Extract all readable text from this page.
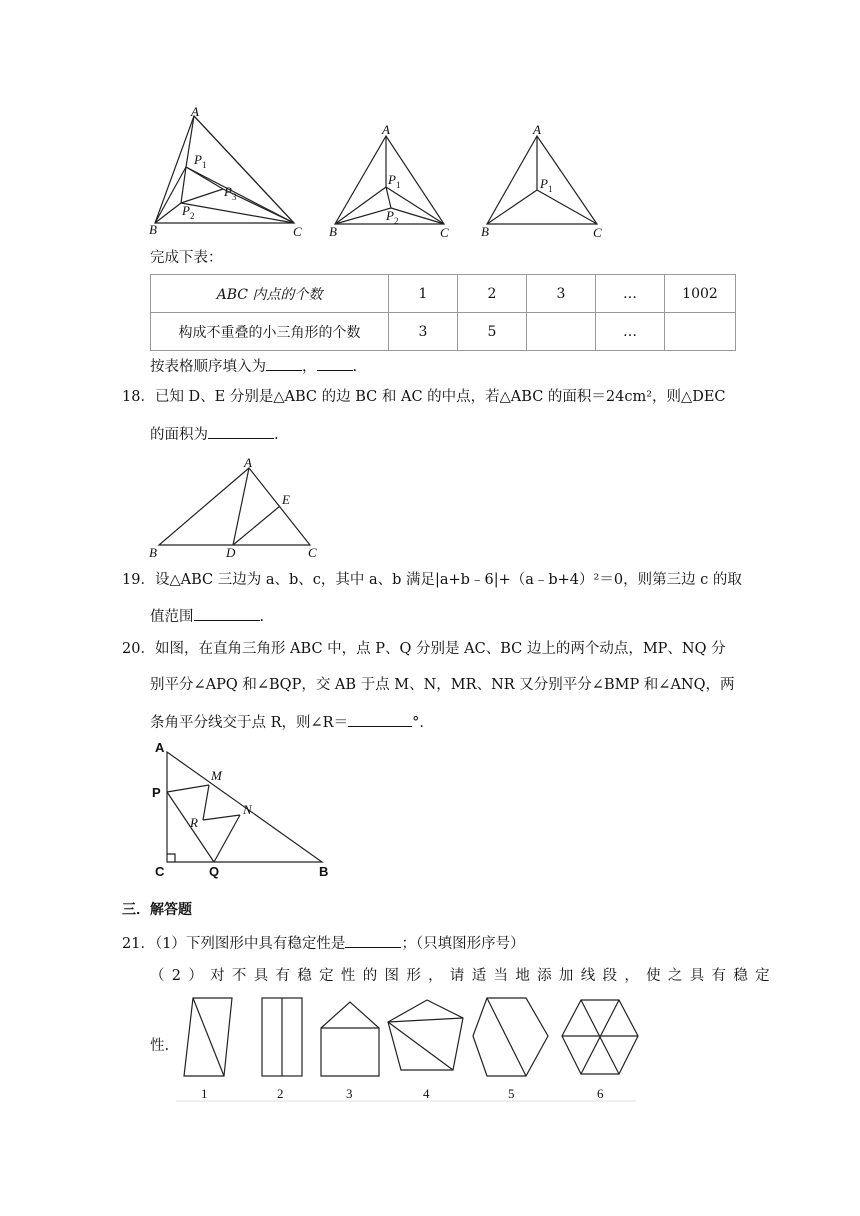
A
B	C
P 1
P 2
P 3
A
B	C
P 1
P 2
A
B	C
P 1
完成下表：
ABC 内点的个数	1	2	3	…	1002
构成不重叠的小三角形的个数	3	5		…	
按表格顺序填入为 ， .
18．已知 D、E 分别是△ABC 的边 BC 和 AC 的中点，若△ABC 的面积＝24cm²，则△DEC
的面积为	.
A
B	C
D
E
19．设△ABC 三边为 a、b、c，其中 a、b 满足|a+b﹣6|+（a﹣b+4）²＝0，则第三边 c 的取
值范围	.
20．如图，在直角三角形 ABC 中，点 P、Q 分别是 AC、BC 边上的两个动点，MP、NQ 分
别平分∠APQ 和∠BQP，交 AB 于点 M、N，MR、NR 又分别平分∠BMP 和∠ANQ，两
条角平分线交于点 R，则∠R＝	°．
A
C	B
P
Q
M
N
R
三．解答题
21．（1）下列图形中具有稳定性是	；（只填图形序号）
（2）对不具有稳定性的图形，请适当地添加线段，使之具有稳定
性.
1	2	3	4	5	6
